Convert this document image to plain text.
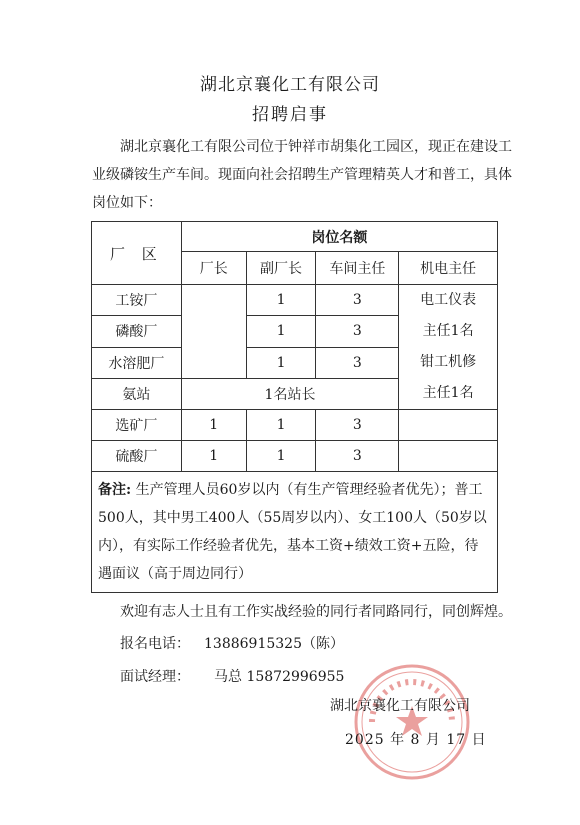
湖北京襄化工有限公司
招聘启事
湖北京襄化工有限公司位于钟祥市胡集化工园区，现正在建设工业级磷铵生产车间。现面向社会招聘生产管理精英人才和普工，具体岗位如下：
厂 区	岗位名额			
	厂长	副厂长	车间主任	机电主任
工铵厂		1	3	电工仪表
主任1名
钳工机修
主任1名

磷酸厂		1	3	
水溶肥厂		1	3	
氨站	1名站长			
选矿厂	1	1	3	
硫酸厂	1	1	3	
备注: 生产管理人员60岁以内（有生产管理经验者优先）；普工500人，其中男工400人（55周岁以内）、女工100人（50岁以内），有实际工作经验者优先，基本工资+绩效工资+五险，待遇面议（高于周边同行）				
欢迎有志人士且有工作实战经验的同行者同路同行，同创辉煌。
报名电话： 13886915325（陈）
面试经理： 马总 15872996955
湖北京襄化工有限公司
2025 年 8 月 17 日
